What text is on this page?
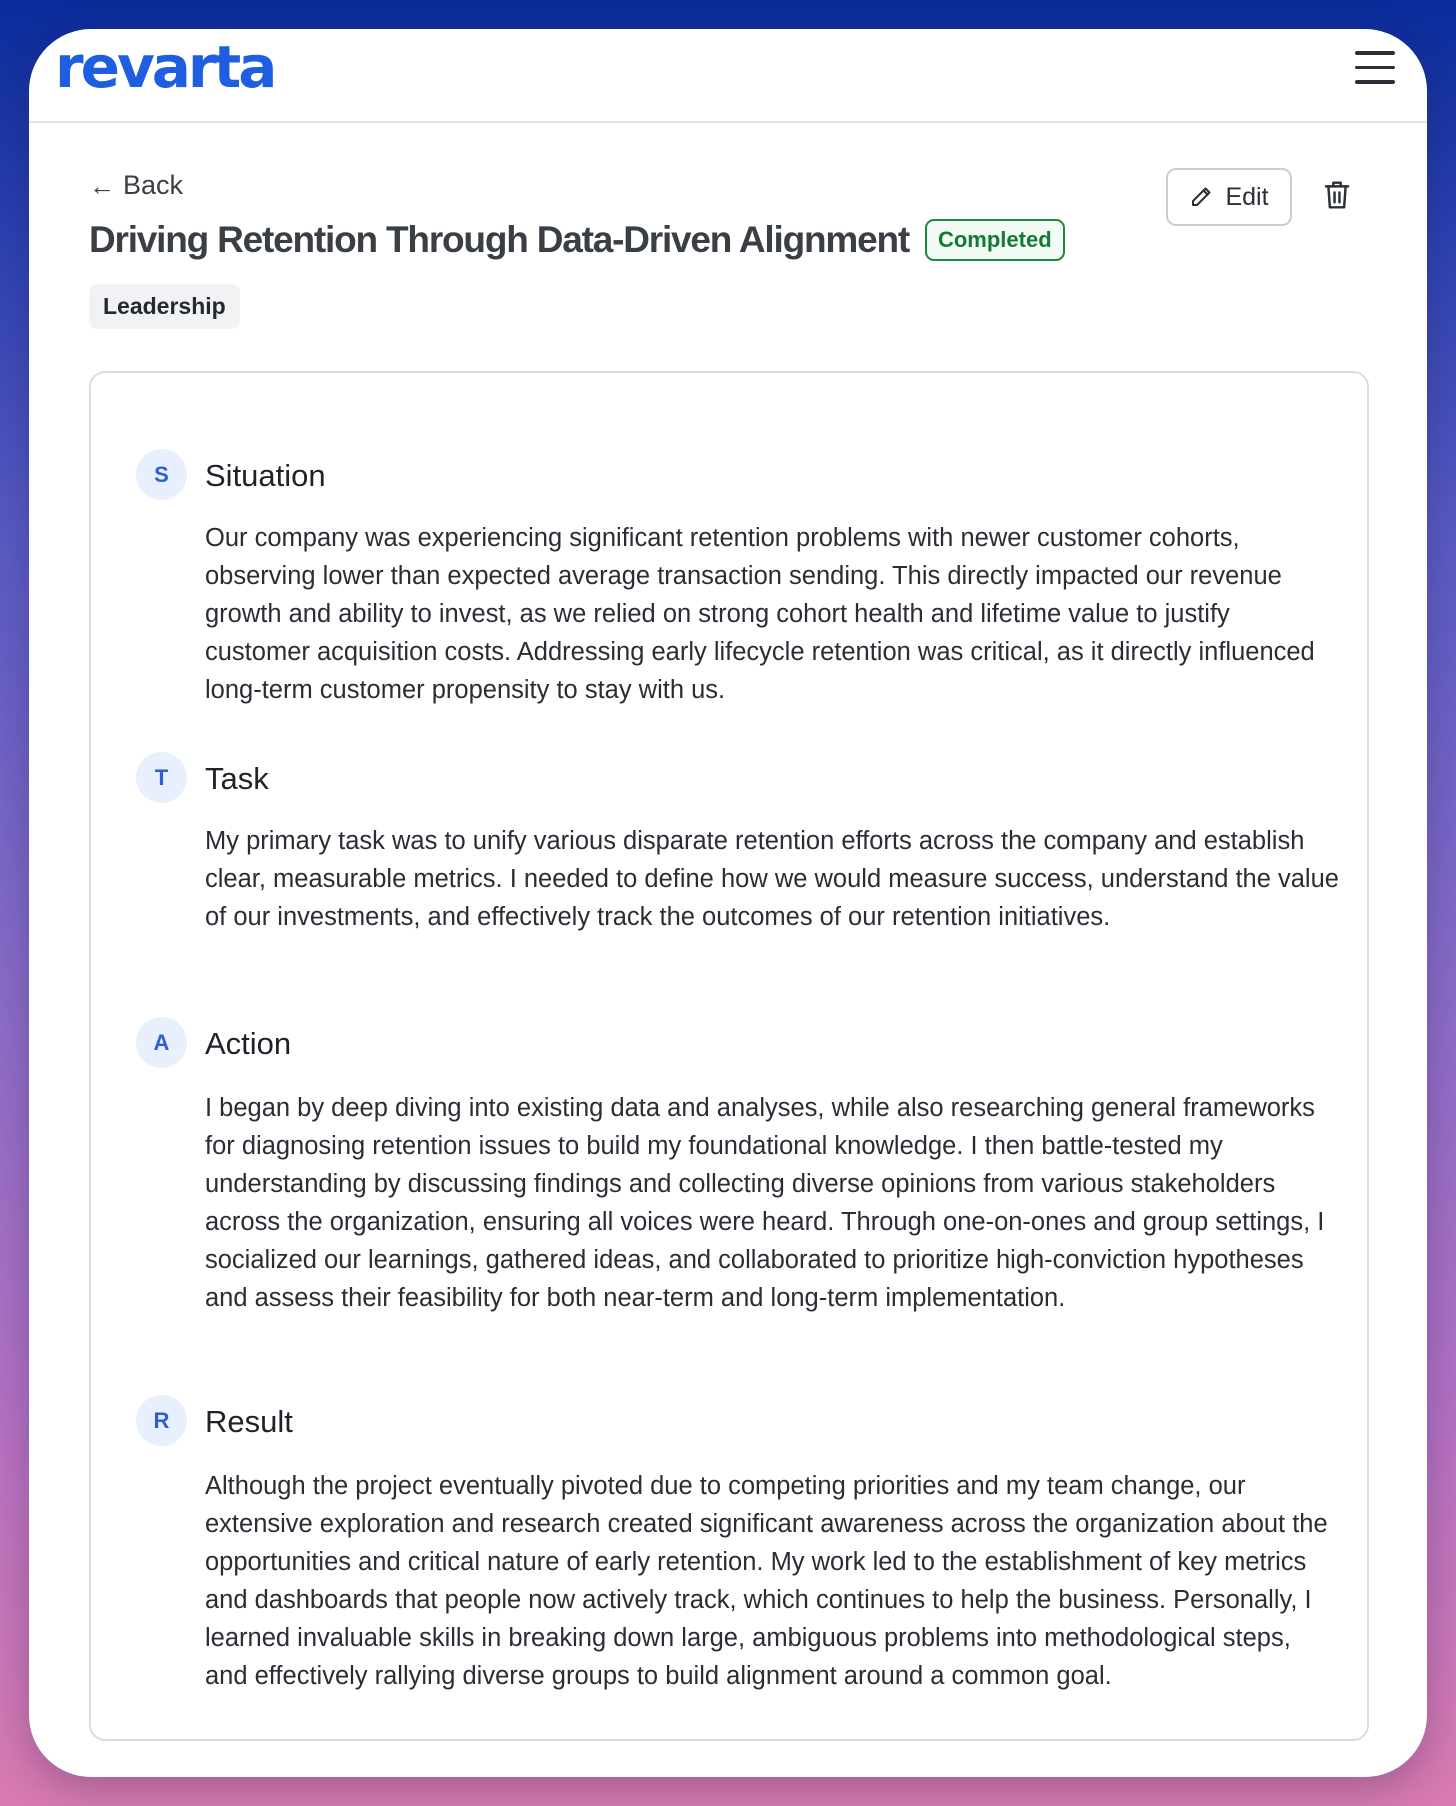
revarta
← Back
Driving Retention Through Data-Driven Alignment	Completed
Leadership
Edit
S	Situation

Our company was experiencing significant retention problems with newer customer cohorts, observing lower than expected average transaction sending. This directly impacted our revenue growth and ability to invest, as we relied on strong cohort health and lifetime value to justify customer acquisition costs. Addressing early lifecycle retention was critical, as it directly influenced long-term customer propensity to stay with us.

T	Task

My primary task was to unify various disparate retention efforts across the company and establish clear, measurable metrics. I needed to define how we would measure success, understand the value of our investments, and effectively track the outcomes of our retention initiatives.

A	Action

I began by deep diving into existing data and analyses, while also researching general frameworks for diagnosing retention issues to build my foundational knowledge. I then battle-tested my understanding by discussing findings and collecting diverse opinions from various stakeholders across the organization, ensuring all voices were heard. Through one-on-ones and group settings, I socialized our learnings, gathered ideas, and collaborated to prioritize high-conviction hypotheses and assess their feasibility for both near-term and long-term implementation.

R	Result

Although the project eventually pivoted due to competing priorities and my team change, our extensive exploration and research created significant awareness across the organization about the opportunities and critical nature of early retention. My work led to the establishment of key metrics and dashboards that people now actively track, which continues to help the business. Personally, I learned invaluable skills in breaking down large, ambiguous problems into methodological steps, and effectively rallying diverse groups to build alignment around a common goal.
